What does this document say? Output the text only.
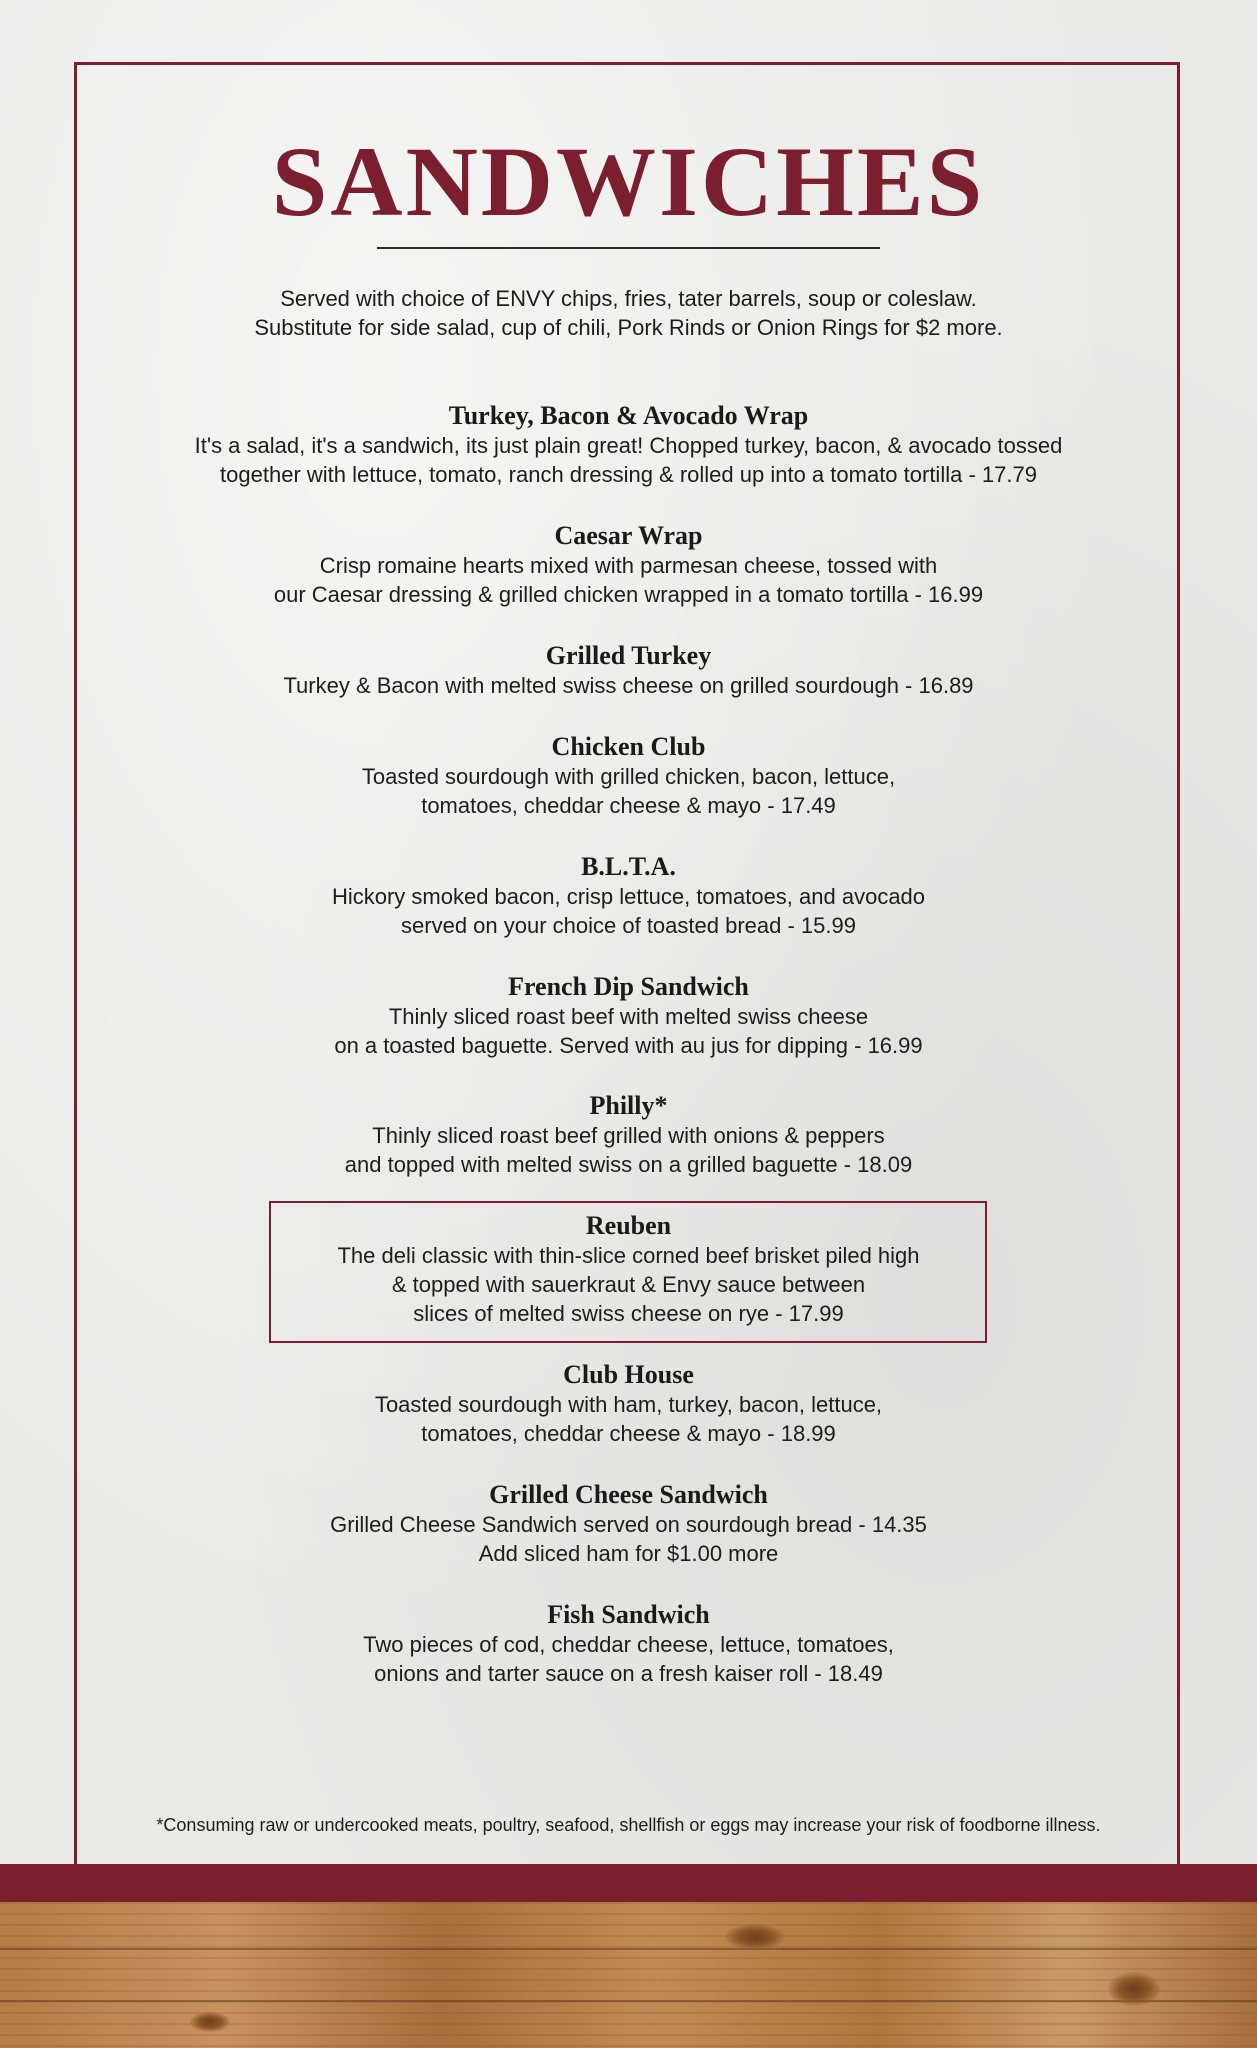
SANDWICHES
Served with choice of ENVY chips, fries, tater barrels, soup or coleslaw.
Substitute for side salad, cup of chili, Pork Rinds or Onion Rings for $2 more.
Turkey, Bacon & Avocado Wrap
It's a salad, it's a sandwich, its just plain great! Chopped turkey, bacon, & avocado tossed
together with lettuce, tomato, ranch dressing & rolled up into a tomato tortilla - 17.79
Caesar Wrap
Crisp romaine hearts mixed with parmesan cheese, tossed with
our Caesar dressing & grilled chicken wrapped in a tomato tortilla - 16.99
Grilled Turkey
Turkey & Bacon with melted swiss cheese on grilled sourdough - 16.89
Chicken Club
Toasted sourdough with grilled chicken, bacon, lettuce,
tomatoes, cheddar cheese & mayo - 17.49
B.L.T.A.
Hickory smoked bacon, crisp lettuce, tomatoes, and avocado
served on your choice of toasted bread - 15.99
French Dip Sandwich
Thinly sliced roast beef with melted swiss cheese
on a toasted baguette. Served with au jus for dipping - 16.99
Philly*
Thinly sliced roast beef grilled with onions & peppers
and topped with melted swiss on a grilled baguette - 18.09
Reuben
The deli classic with thin-slice corned beef brisket piled high
& topped with sauerkraut & Envy sauce between
slices of melted swiss cheese on rye - 17.99
Club House
Toasted sourdough with ham, turkey, bacon, lettuce,
tomatoes, cheddar cheese & mayo - 18.99
Grilled Cheese Sandwich
Grilled Cheese Sandwich served on sourdough bread - 14.35
Add sliced ham for $1.00 more
Fish Sandwich
Two pieces of cod, cheddar cheese, lettuce, tomatoes,
onions and tarter sauce on a fresh kaiser roll - 18.49
*Consuming raw or undercooked meats, poultry, seafood, shellfish or eggs may increase your risk of foodborne illness.
